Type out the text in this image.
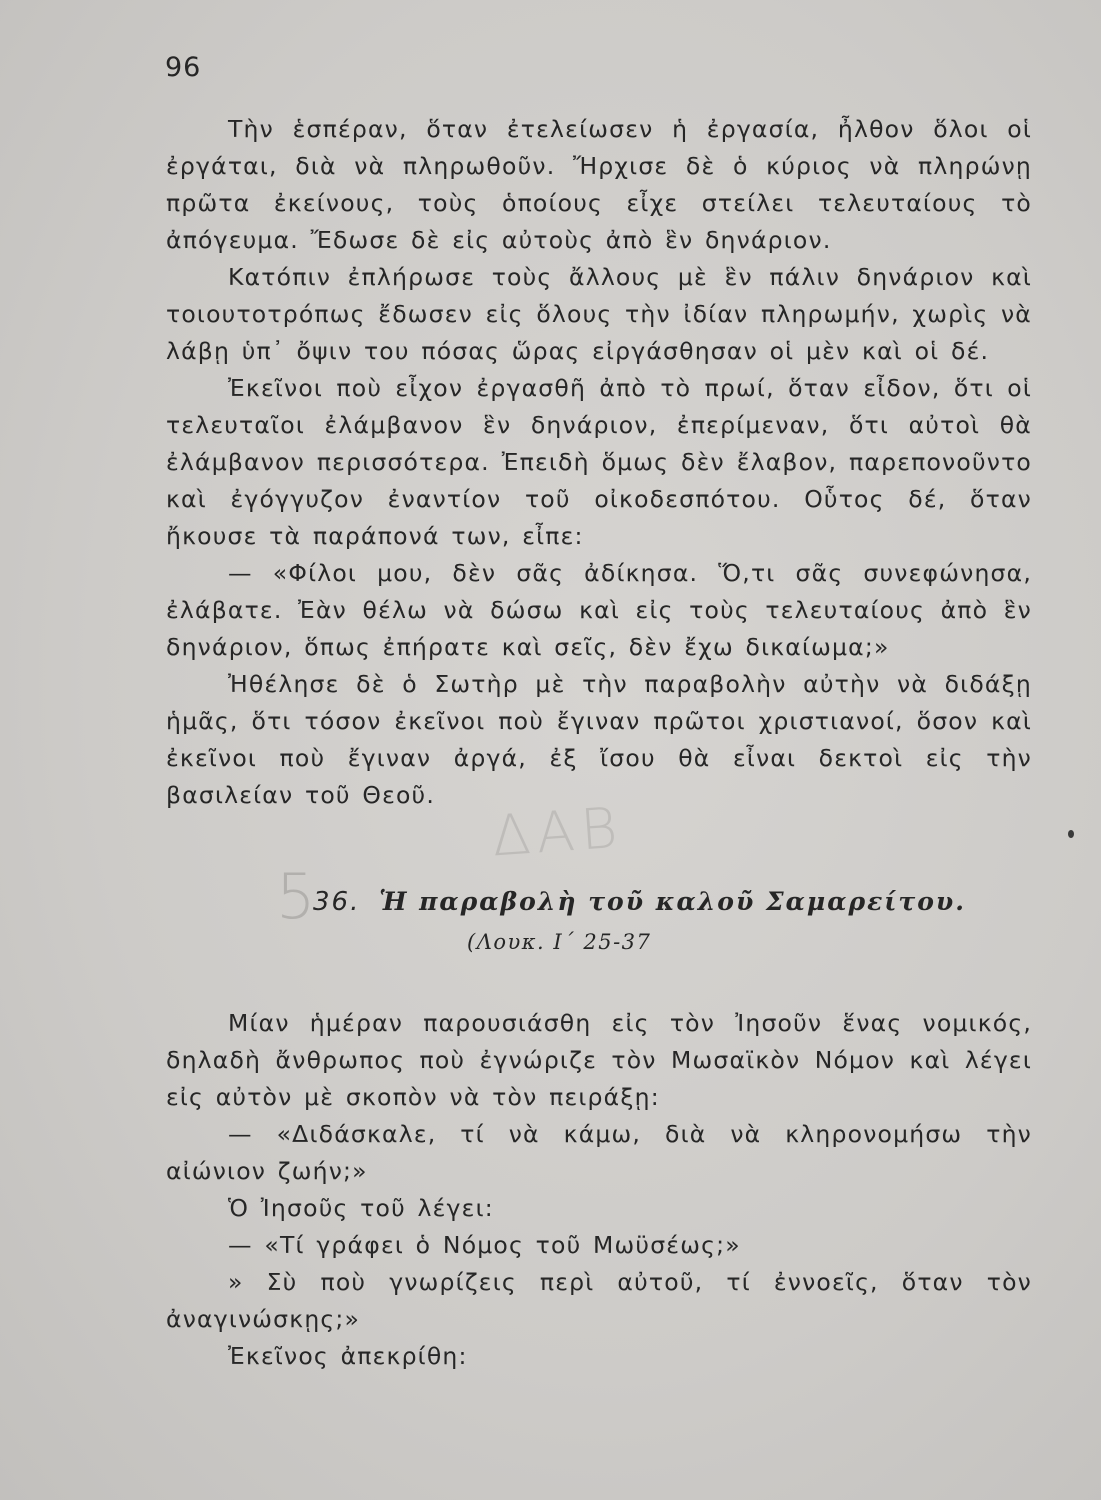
96

Τὴν ἑσπέραν, ὅταν ἐτελείωσεν ἡ ἐργασία, ἦλθον ὅλοι οἱ ἐργάται, διὰ νὰ πληρωθοῦν. Ἤρχισε δὲ ὁ κύριος νὰ πληρώνῃ πρῶτα ἐκείνους, τοὺς ὁποίους εἶχε στείλει τελευταίους τὸ ἀπόγευμα. Ἔδωσε δὲ εἰς αὐτοὺς ἀπὸ ἓν δηνάριον.

Κατόπιν ἐπλήρωσε τοὺς ἄλλους μὲ ἓν πάλιν δηνάριον καὶ τοιουτοτρόπως ἔδωσεν εἰς ὅλους τὴν ἰδίαν πληρωμήν, χωρὶς νὰ λάβῃ ὑπ᾽ ὄψιν του πόσας ὥρας εἰργάσθησαν οἱ μὲν καὶ οἱ δέ.

Ἐκεῖνοι ποὺ εἶχον ἐργασθῆ ἀπὸ τὸ πρωί, ὅταν εἶδον, ὅτι οἱ τελευταῖοι ἐλάμβανον ἓν δηνάριον, ἐπερίμεναν, ὅτι αὐτοὶ θὰ ἐλάμβανον περισσότερα. Ἐπειδὴ ὅμως δὲν ἔλαβον, παρεπονοῦντο καὶ ἐγόγγυζον ἐναντίον τοῦ οἰκοδεσπότου. Οὗτος δέ, ὅταν ἤκουσε τὰ παράπονά των, εἶπε:

— «Φίλοι μου, δὲν σᾶς ἀδίκησα. Ὅ,τι σᾶς συνεφώνησα, ἐλάβατε. Ἐὰν θέλω νὰ δώσω καὶ εἰς τοὺς τελευταίους ἀπὸ ἓν δηνάριον, ὅπως ἐπήρατε καὶ σεῖς, δὲν ἔχω δικαίωμα;»

Ἠθέλησε δὲ ὁ Σωτὴρ μὲ τὴν παραβολὴν αὐτὴν νὰ διδάξῃ ἡμᾶς, ὅτι τόσον ἐκεῖνοι ποὺ ἔγιναν πρῶτοι χριστιανοί, ὅσον καὶ ἐκεῖνοι ποὺ ἔγιναν ἀργά, ἐξ ἴσου θὰ εἶναι δεκτοὶ εἰς τὴν βασιλείαν τοῦ Θεοῦ.

ΔΑΒ
5
36. Ἡ παραβολὴ τοῦ καλοῦ Σαμαρείτου.
(Λουκ. Ι΄ 25-37

Μίαν ἡμέραν παρουσιάσθη εἰς τὸν Ἰησοῦν ἕνας νομικός, δηλαδὴ ἄνθρωπος ποὺ ἐγνώριζε τὸν Μωσαϊκὸν Νόμον καὶ λέγει εἰς αὐτὸν μὲ σκοπὸν νὰ τὸν πειράξῃ:

— «Διδάσκαλε, τί νὰ κάμω, διὰ νὰ κληρονομήσω τὴν αἰώνιον ζωήν;»

Ὁ Ἰησοῦς τοῦ λέγει:

— «Τί γράφει ὁ Νόμος τοῦ Μωϋσέως;»

» Σὺ ποὺ γνωρίζεις περὶ αὐτοῦ, τί ἐννοεῖς, ὅταν τὸν ἀναγινώσκῃς;»

Ἐκεῖνος ἀπεκρίθη:
